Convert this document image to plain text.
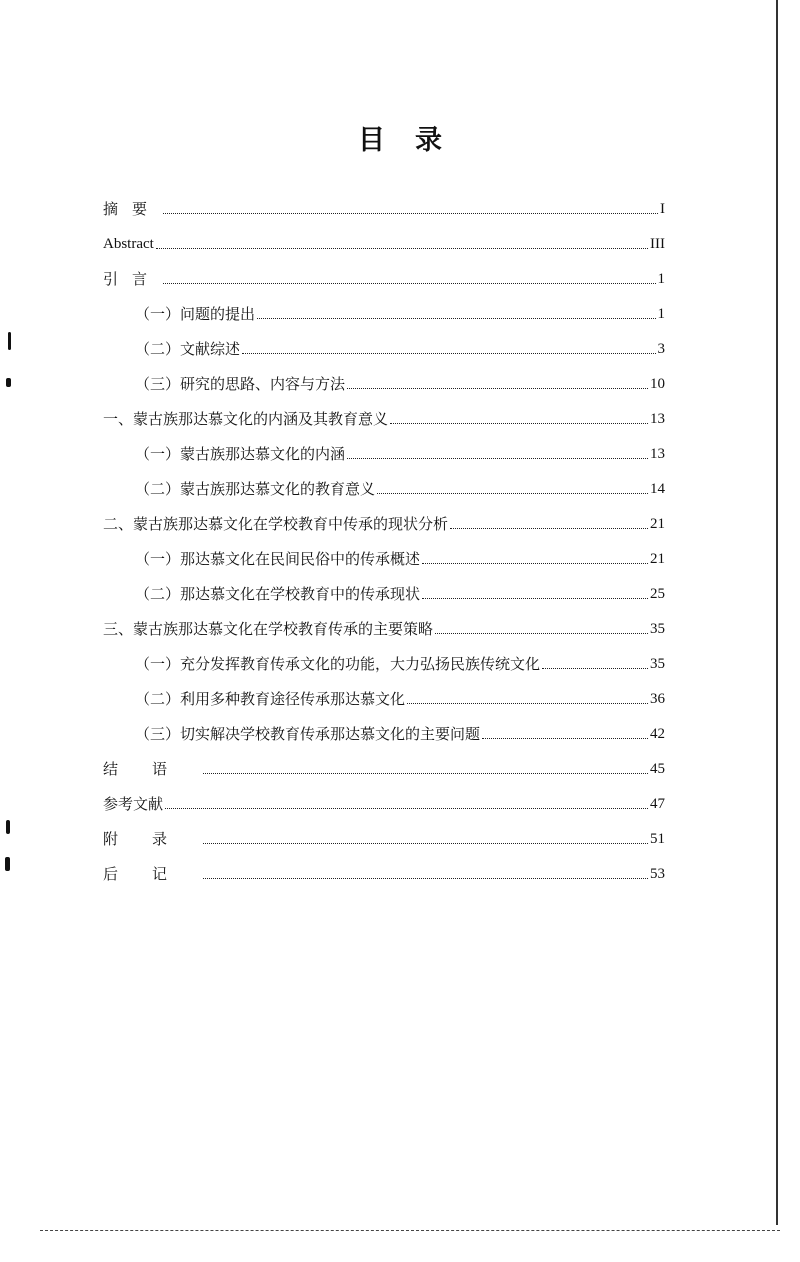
目 录
摘要	I
Abstract	III
引言	1
（一）问题的提出	1
（二）文献综述	3
（三）研究的思路、内容与方法	10
一、蒙古族那达慕文化的内涵及其教育意义	13
（一）蒙古族那达慕文化的内涵	13
（二）蒙古族那达慕文化的教育意义	14
二、蒙古族那达慕文化在学校教育中传承的现状分析	21
（一）那达慕文化在民间民俗中的传承概述	21
（二）那达慕文化在学校教育中的传承现状	25
三、蒙古族那达慕文化在学校教育传承的主要策略	35
（一）充分发挥教育传承文化的功能，大力弘扬民族传统文化	35
（二）利用多种教育途径传承那达慕文化	36
（三）切实解决学校教育传承那达慕文化的主要问题	42
结语	45
参考文献	47
附录	51
后记	53
